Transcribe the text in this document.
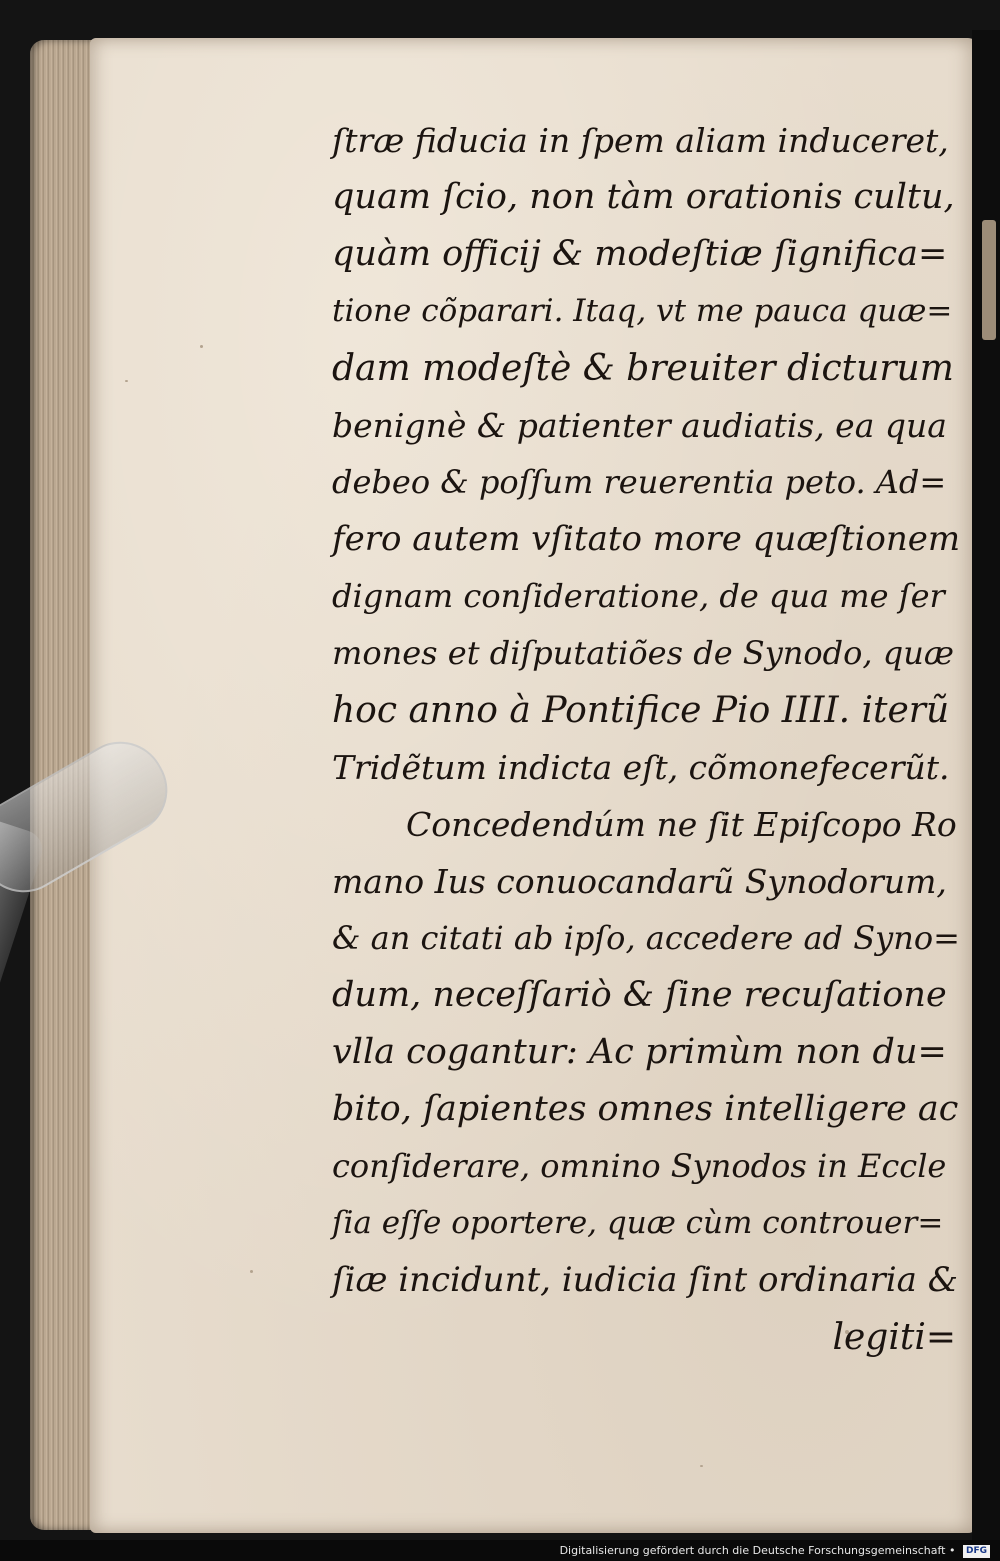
ſtræ fiducia in ſpem aliam induceret,
quam ſcio, non tàm orationis cultu,
quàm officij & modeſtiæ ſignifica=
tione cõparari. Itaq, vt me pauca quæ=
dam modeſtè & breuiter dicturum
benignè & patienter audiatis, ea qua
debeo & poſſum reuerentia peto. Ad=
fero autem vſitato more quæſtionem
dignam conſideratione, de qua me ſer
mones et diſputatiões de Synodo, quæ
hoc anno à Pontifice Pio IIII. iterũ
Tridẽtum indicta eſt, cõmonefecerũt.
Concedendúm ne ſit Epiſcopo Ro
mano Ius conuocandarũ Synodorum,
& an citati ab ipſo, accedere ad Syno=
dum, neceſſariò & ſine recuſatione
vlla cogantur: Ac primùm non du=
bito, ſapientes omnes intelligere ac
conſiderare, omnino Synodos in Eccle
ſia eſſe oportere, quæ cùm controuer=
ſiæ incidunt, iudicia ſint ordinaria &
legiti=
Digitalisierung gefördert durch die Deutsche Forschungsgemeinschaft • DFG
